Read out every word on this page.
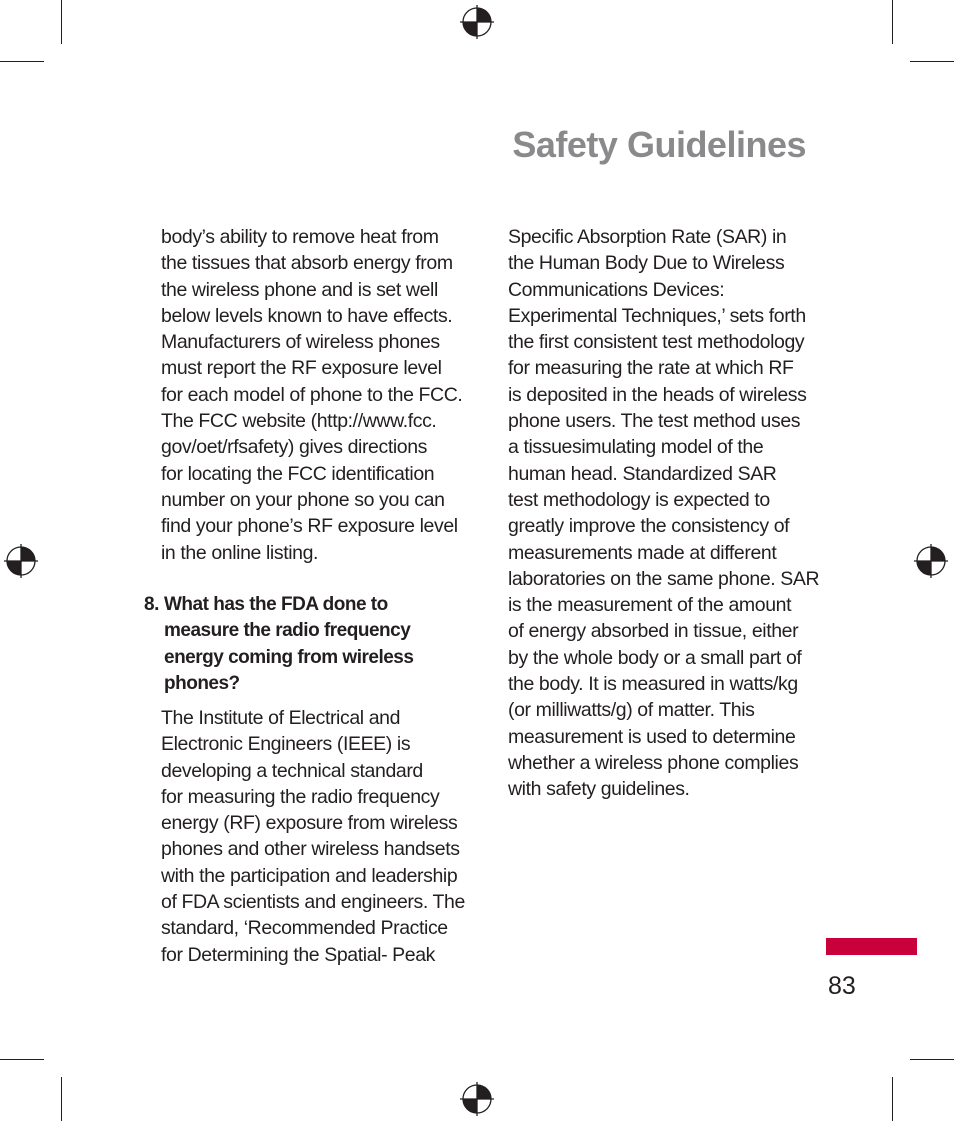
Safety Guidelines
body’s ability to remove heat from
the tissues that absorb energy from
the wireless phone and is set well
below levels known to have effects.
Manufacturers of wireless phones
must report the RF exposure level
for each model of phone to the FCC.
The FCC website (http://www.fcc.
gov/oet/rfsafety) gives directions
for locating the FCC identification
number on your phone so you can
find your phone’s RF exposure level
in the online listing.
8. What has the FDA done to
measure the radio frequency
energy coming from wireless
phones?
The Institute of Electrical and
Electronic Engineers (IEEE) is
developing a technical standard
for measuring the radio frequency
energy (RF) exposure from wireless
phones and other wireless handsets
with the participation and leadership
of FDA scientists and engineers. The
standard, ‘Recommended Practice
for Determining the Spatial- Peak
Specific Absorption Rate (SAR) in
the Human Body Due to Wireless
Communications Devices:
Experimental Techniques,’ sets forth
the first consistent test methodology
for measuring the rate at which RF
is deposited in the heads of wireless
phone users. The test method uses
a tissuesimulating model of the
human head. Standardized SAR
test methodology is expected to
greatly improve the consistency of
measurements made at different
laboratories on the same phone. SAR
is the measurement of the amount
of energy absorbed in tissue, either
by the whole body or a small part of
the body. It is measured in watts/kg
(or milliwatts/g) of matter. This
measurement is used to determine
whether a wireless phone complies
with safety guidelines.
83
